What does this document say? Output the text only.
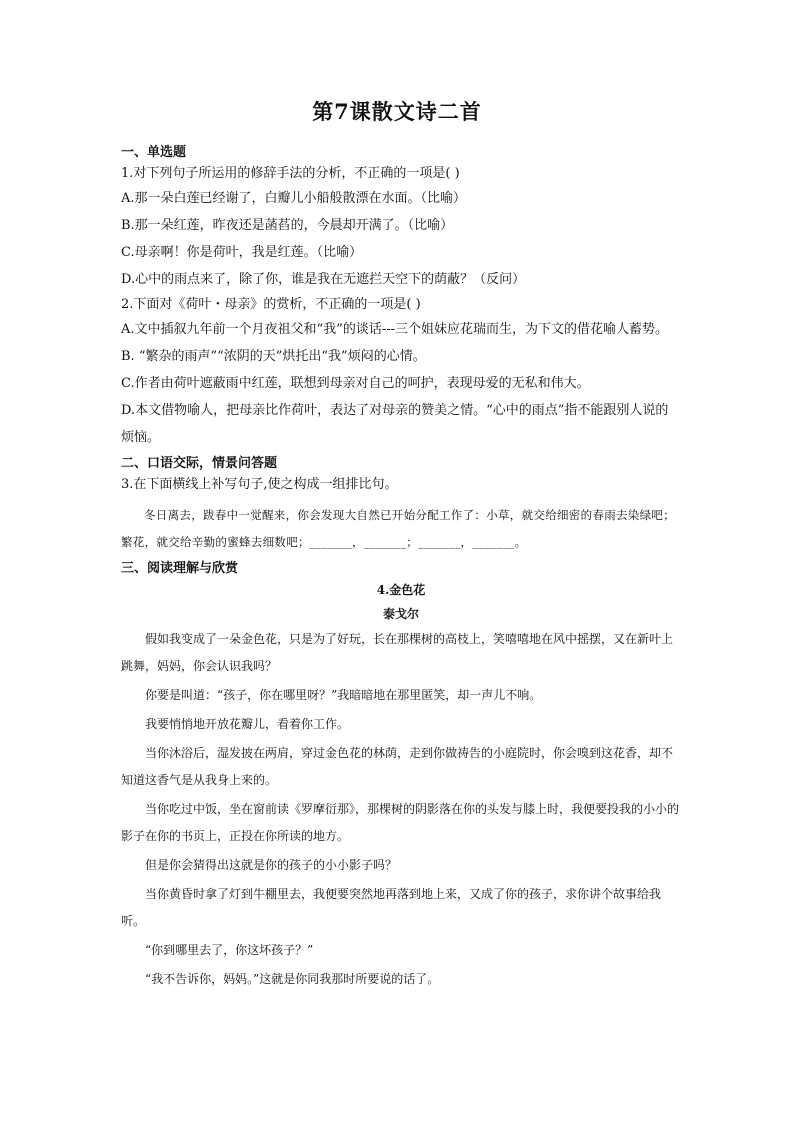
第7课散文诗二首
一、单选题
1.对下列句子所运用的修辞手法的分析，不正确的一项是( )
A.那一朵白莲已经谢了，白瓣儿小船般散漂在水面。（比喻）
B.那一朵红莲，昨夜还是菡萏的，今晨却开满了。（比喻）
C.母亲啊！你是荷叶，我是红莲。（比喻）
D.心中的雨点来了，除了你，谁是我在无遮拦天空下的荫蔽？（反问）
2.下面对《荷叶・母亲》的赏析，不正确的一项是( )
A.文中插叙九年前一个月夜祖父和“我”的谈话---三个姐妹应花瑞而生，为下文的借花喻人蓄势。
B. “繁杂的雨声”“浓阴的天”烘托出“我”烦闷的心情。
C.作者由荷叶遮蔽雨中红莲，联想到母亲对自己的呵护，表现母爱的无私和伟大。
D.本文借物喻人，把母亲比作荷叶，表达了对母亲的赞美之情。“心中的雨点”指不能跟别人说的烦恼。
二、口语交际，情景问答题
3.在下面横线上补写句子,使之构成一组排比句。
冬日离去，跋春中一觉醒来，你会发现大自然已开始分配工作了：小草，就交给细密的春雨去染绿吧；繁花，就交给辛勤的蜜蜂去细数吧；_______，_______；_______，_______。
三、阅读理解与欣赏
4.金色花
泰戈尔

假如我变成了一朵金色花，只是为了好玩，长在那棵树的高枝上，笑嘻嘻地在风中摇摆，又在新叶上跳舞，妈妈，你会认识我吗？

你要是叫道：“孩子，你在哪里呀？”我暗暗地在那里匿笑，却一声儿不响。

我要悄悄地开放花瓣儿，看着你工作。

当你沐浴后，湿发披在两肩，穿过金色花的林荫，走到你做祷告的小庭院时，你会嗅到这花香，却不知道这香气是从我身上来的。

当你吃过中饭，坐在窗前读《罗摩衍那》，那棵树的阴影落在你的头发与膝上时，我便要投我的小小的影子在你的书页上，正投在你所读的地方。

但是你会猜得出这就是你的孩子的小小影子吗？

当你黄昏时拿了灯到牛棚里去，我便要突然地再落到地上来，又成了你的孩子，求你讲个故事给我听。

“你到哪里去了，你这坏孩子？”

“我不告诉你，妈妈。”这就是你同我那时所要说的话了。
